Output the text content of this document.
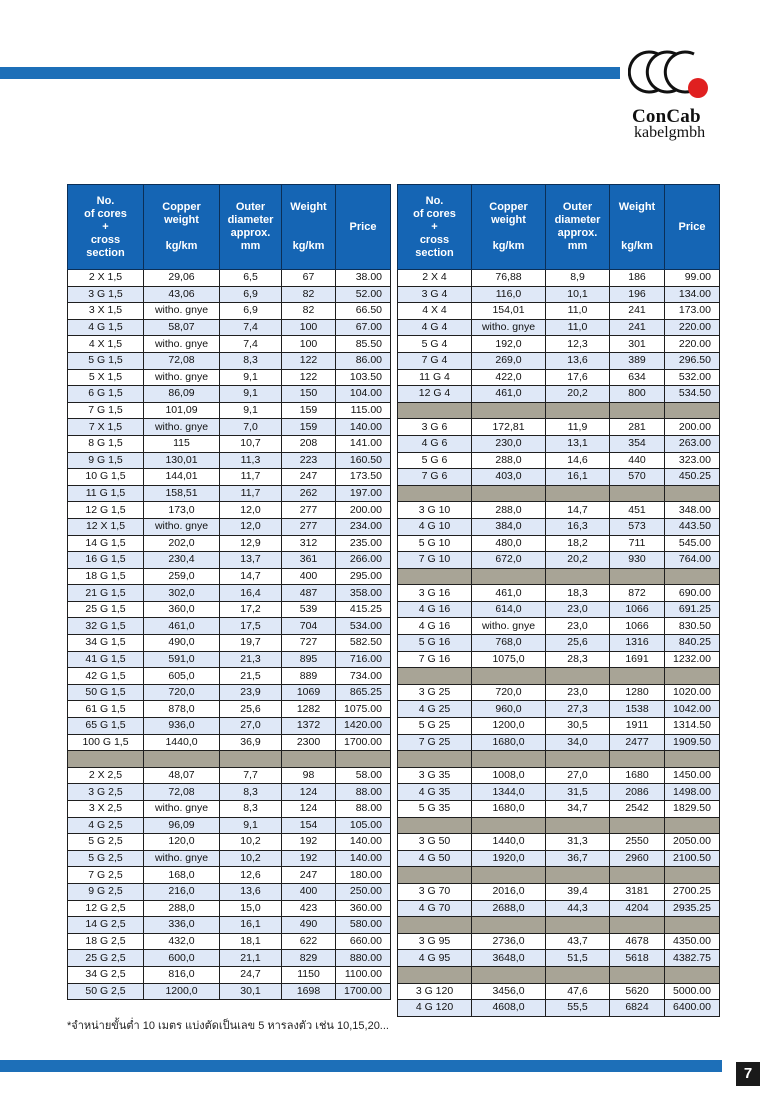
ConCab
kabelgmbh
No.
of cores
+
cross
section	Copper
weight

kg/km	Outer
diameter
approx.
mm	Weight

kg/km	Price
2 X 1,5	29,06	6,5	67	38.00
3 G 1,5	43,06	6,9	82	52.00
3 X 1,5	witho. gnye	6,9	82	66.50
4 G 1,5	58,07	7,4	100	67.00
4 X 1,5	witho. gnye	7,4	100	85.50
5 G 1,5	72,08	8,3	122	86.00
5 X 1,5	witho. gnye	9,1	122	103.50
6 G 1,5	86,09	9,1	150	104.00
7 G 1,5	101,09	9,1	159	115.00
7 X 1,5	witho. gnye	7,0	159	140.00
8 G 1,5	115	10,7	208	141.00
9 G 1,5	130,01	11,3	223	160.50
10 G 1,5	144,01	11,7	247	173.50
11 G 1,5	158,51	11,7	262	197.00
12 G 1,5	173,0	12,0	277	200.00
12 X 1,5	witho. gnye	12,0	277	234.00
14 G 1,5	202,0	12,9	312	235.00
16 G 1,5	230,4	13,7	361	266.00
18 G 1,5	259,0	14,7	400	295.00
21 G 1,5	302,0	16,4	487	358.00
25 G 1,5	360,0	17,2	539	415.25
32 G 1,5	461,0	17,5	704	534.00
34 G 1,5	490,0	19,7	727	582.50
41 G 1,5	591,0	21,3	895	716.00
42 G 1,5	605,0	21,5	889	734.00
50 G 1,5	720,0	23,9	1069	865.25
61 G 1,5	878,0	25,6	1282	1075.00
65 G 1,5	936,0	27,0	1372	1420.00
100 G 1,5	1440,0	36,9	2300	1700.00

2 X 2,5	48,07	7,7	98	58.00
3 G 2,5	72,08	8,3	124	88.00
3 X 2,5	witho. gnye	8,3	124	88.00
4 G 2,5	96,09	9,1	154	105.00
5 G 2,5	120,0	10,2	192	140.00
5 G 2,5	witho. gnye	10,2	192	140.00
7 G 2,5	168,0	12,6	247	180.00
9 G 2,5	216,0	13,6	400	250.00
12 G 2,5	288,0	15,0	423	360.00
14 G 2,5	336,0	16,1	490	580.00
18 G 2,5	432,0	18,1	622	660.00
25 G 2,5	600,0	21,1	829	880.00
34 G 2,5	816,0	24,7	1150	1100.00
50 G 2,5	1200,0	30,1	1698	1700.00
No.
of cores
+
cross
section	Copper
weight

kg/km	Outer
diameter
approx.
mm	Weight

kg/km	Price
2 X 4	76,88	8,9	186	99.00
3 G 4	116,0	10,1	196	134.00
4 X 4	154,01	11,0	241	173.00
4 G 4	witho. gnye	11,0	241	220.00
5 G 4	192,0	12,3	301	220.00
7 G 4	269,0	13,6	389	296.50
11 G 4	422,0	17,6	634	532.00
12 G 4	461,0	20,2	800	534.50

3 G 6	172,81	11,9	281	200.00
4 G 6	230,0	13,1	354	263.00
5 G 6	288,0	14,6	440	323.00
7 G 6	403,0	16,1	570	450.25

3 G 10	288,0	14,7	451	348.00
4 G 10	384,0	16,3	573	443.50
5 G 10	480,0	18,2	711	545.00
7 G 10	672,0	20,2	930	764.00

3 G 16	461,0	18,3	872	690.00
4 G 16	614,0	23,0	1066	691.25
4 G 16	witho. gnye	23,0	1066	830.50
5 G 16	768,0	25,6	1316	840.25
7 G 16	1075,0	28,3	1691	1232.00

3 G 25	720,0	23,0	1280	1020.00
4 G 25	960,0	27,3	1538	1042.00
5 G 25	1200,0	30,5	1911	1314.50
7 G 25	1680,0	34,0	2477	1909.50

3 G 35	1008,0	27,0	1680	1450.00
4 G 35	1344,0	31,5	2086	1498.00
5 G 35	1680,0	34,7	2542	1829.50

3 G 50	1440,0	31,3	2550	2050.00
4 G 50	1920,0	36,7	2960	2100.50

3 G 70	2016,0	39,4	3181	2700.25
4 G 70	2688,0	44,3	4204	2935.25

3 G 95	2736,0	43,7	4678	4350.00
4 G 95	3648,0	51,5	5618	4382.75

3 G 120	3456,0	47,6	5620	5000.00
4 G 120	4608,0	55,5	6824	6400.00
*จำหน่ายขั้นต่ำ 10 เมตร แบ่งตัดเป็นเลข 5 หารลงตัว เช่น 10,15,20...
7
